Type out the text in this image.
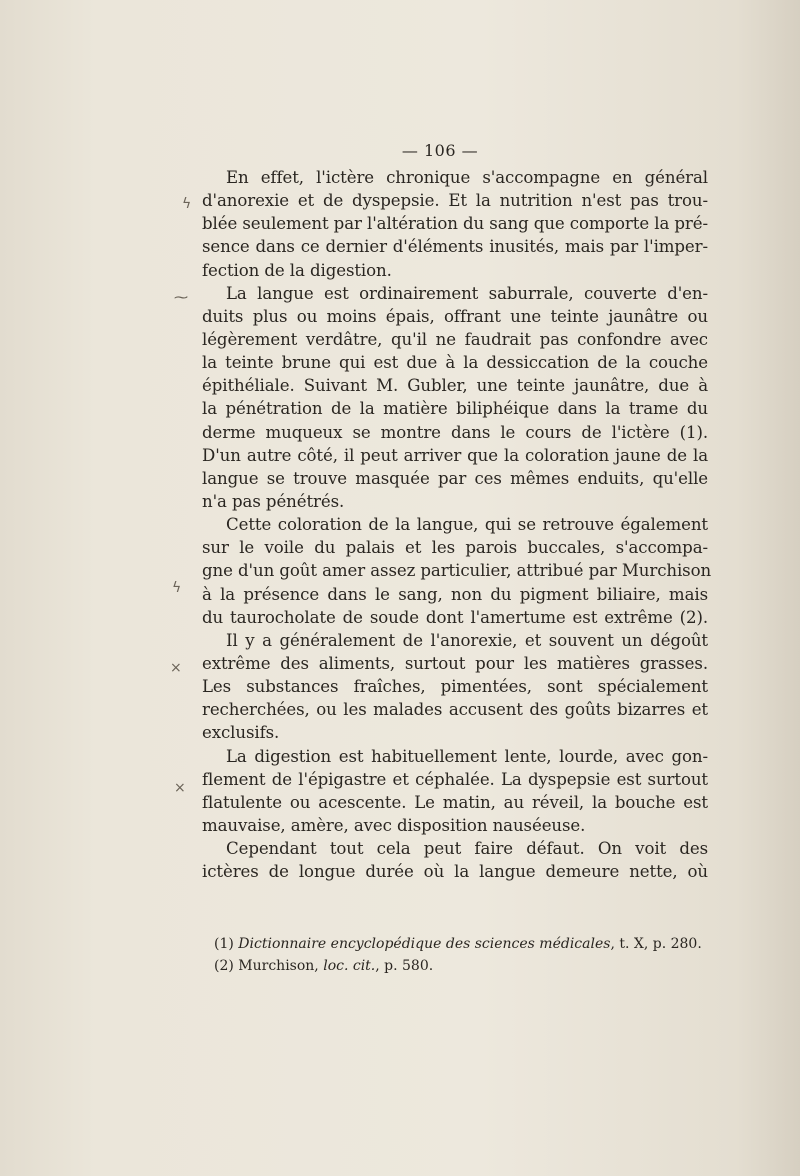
— 106 —
En effet, l'ictère chronique s'accompagne en général
d'anorexie et de dyspepsie. Et la nutrition n'est pas trou-
blée seulement par l'altération du sang que comporte la pré-
sence dans ce dernier d'éléments inusités, mais par l'imper-
fection de la digestion.
La langue est ordinairement saburrale, couverte d'en-
duits plus ou moins épais, offrant une teinte jaunâtre ou
légèrement verdâtre, qu'il ne faudrait pas confondre avec
la teinte brune qui est due à la dessiccation de la couche
épithéliale. Suivant M. Gubler, une teinte jaunâtre, due à
la pénétration de la matière biliphéique dans la trame du
derme muqueux se montre dans le cours de l'ictère (1).
D'un autre côté, il peut arriver que la coloration jaune de la
langue se trouve masquée par ces mêmes enduits, qu'elle
n'a pas pénétrés.
Cette coloration de la langue, qui se retrouve également
sur le voile du palais et les parois buccales, s'accompa-
gne d'un goût amer assez particulier, attribué par Murchison
à la présence dans le sang, non du pigment biliaire, mais
du taurocholate de soude dont l'amertume est extrême (2).
Il y a généralement de l'anorexie, et souvent un dégoût
extrême des aliments, surtout pour les matières grasses.
Les substances fraîches, pimentées, sont spécialement
recherchées, ou les malades accusent des goûts bizarres et
exclusifs.
La digestion est habituellement lente, lourde, avec gon-
flement de l'épigastre et céphalée. La dyspepsie est surtout
flatulente ou acescente. Le matin, au réveil, la bouche est
mauvaise, amère, avec disposition nauséeuse.
Cependant tout cela peut faire défaut. On voit des
ictères de longue durée où la langue demeure nette, où
(1) Dictionnaire encyclopédique des sciences médicales, t. X, p. 280.
(2) Murchison, loc. cit., p. 580.
ϟ
⁓
ϟ
×
×
